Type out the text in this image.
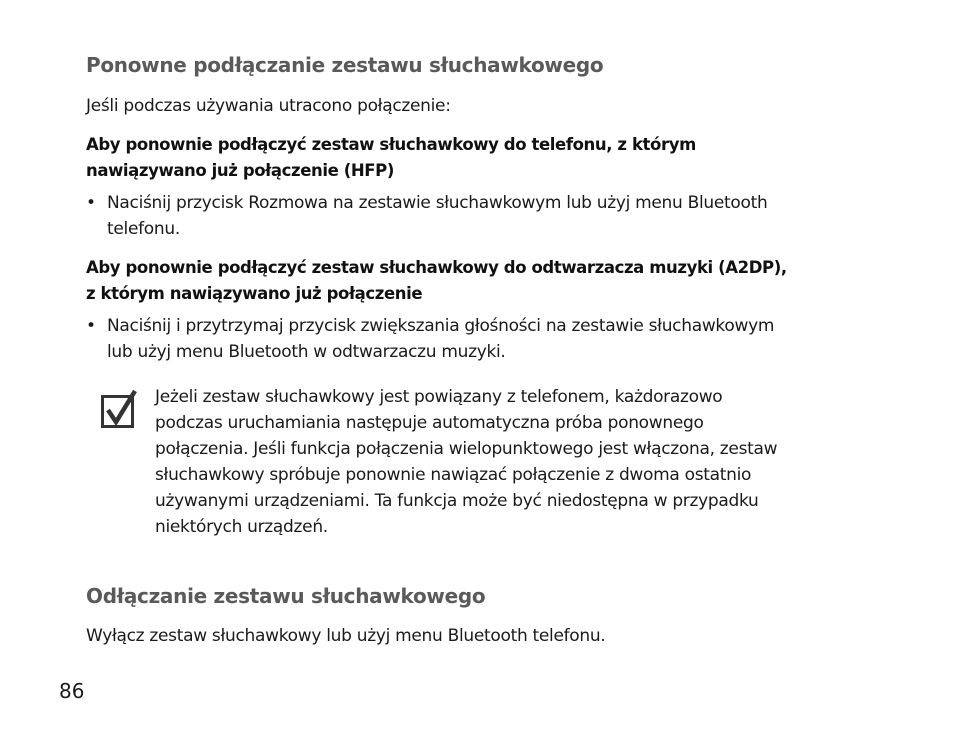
Ponowne podłączanie zestawu słuchawkowego
Jeśli podczas używania utracono połączenie:
Aby ponownie podłączyć zestaw słuchawkowy do telefonu, z którym
nawiązywano już połączenie (HFP)
• Naciśnij przycisk Rozmowa na zestawie słuchawkowym lub użyj menu Bluetooth
telefonu.
Aby ponownie podłączyć zestaw słuchawkowy do odtwarzacza muzyki (A2DP),
z którym nawiązywano już połączenie
• Naciśnij i przytrzymaj przycisk zwiększania głośności na zestawie słuchawkowym
lub użyj menu Bluetooth w odtwarzaczu muzyki.
Jeżeli zestaw słuchawkowy jest powiązany z telefonem, każdorazowo
podczas uruchamiania następuje automatyczna próba ponownego
połączenia. Jeśli funkcja połączenia wielopunktowego jest włączona, zestaw
słuchawkowy spróbuje ponownie nawiązać połączenie z dwoma ostatnio
używanymi urządzeniami. Ta funkcja może być niedostępna w przypadku
niektórych urządzeń.
Odłączanie zestawu słuchawkowego
Wyłącz zestaw słuchawkowy lub użyj menu Bluetooth telefonu.
86
